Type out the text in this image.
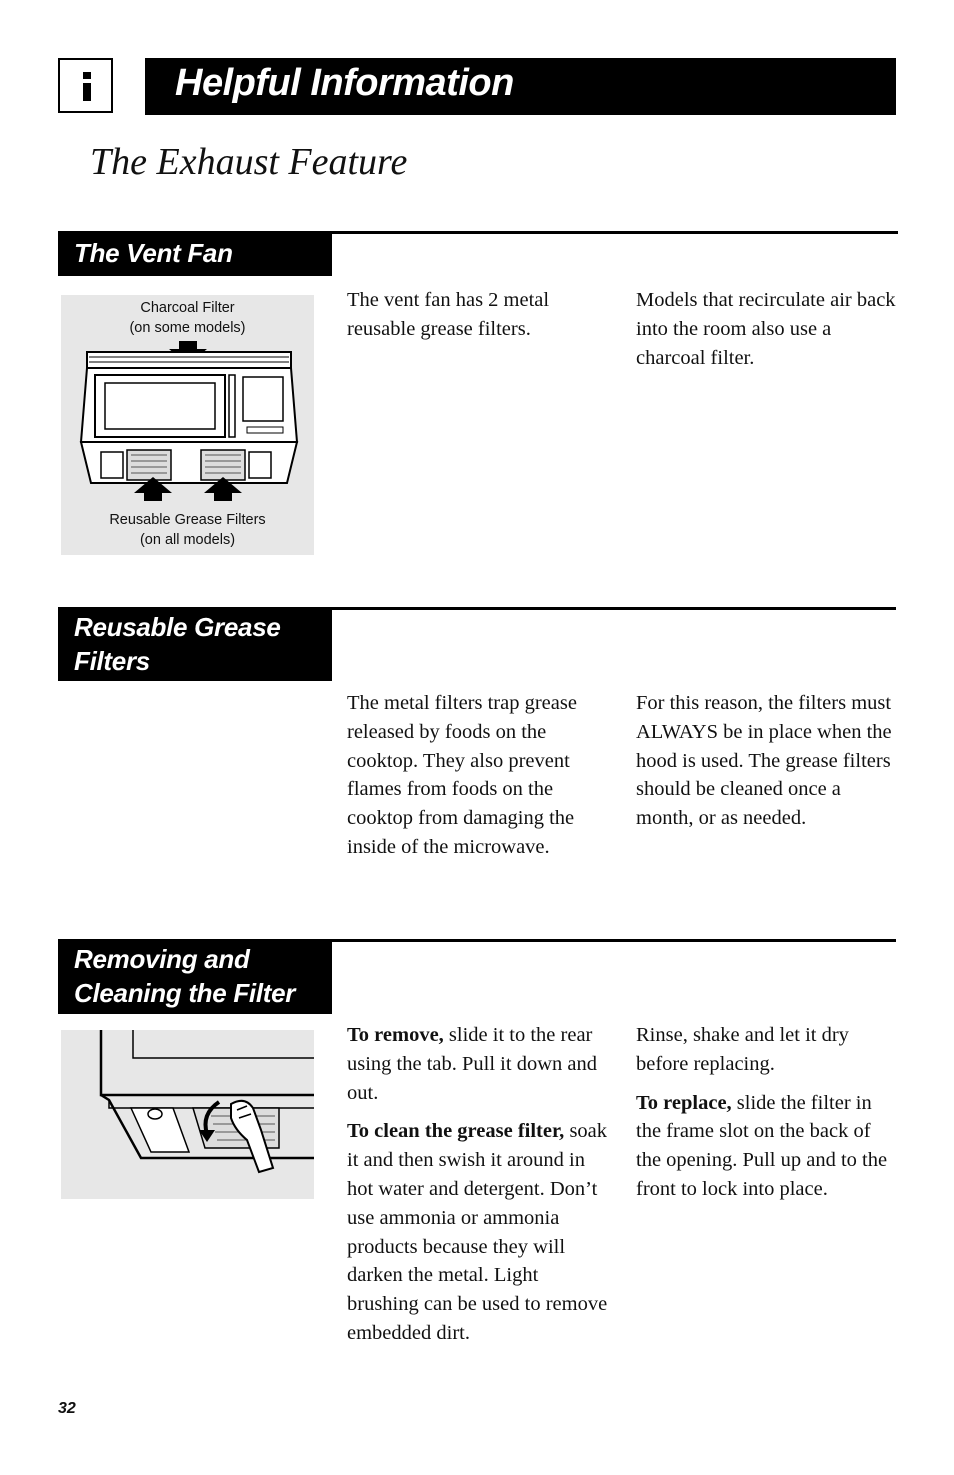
Helpful Information
The Exhaust Feature
The Vent Fan
Charcoal Filter
(on some models)
Reusable Grease Filters
(on all models)

The vent fan has 2 metal reusable grease filters.

Models that recirculate air back into the room also use a charcoal filter.

Reusable Grease
Filters

The metal filters trap grease released by foods on the cooktop. They also prevent flames from foods on the cooktop from damaging the inside of the microwave.

For this reason, the filters must ALWAYS be in place when the hood is used. The grease filters should be cleaned once a month, or as needed.

Removing and
Cleaning the Filter

To remove, slide it to the rear using the tab. Pull it down and out.

To clean the grease filter, soak it and then swish it around in hot water and detergent. Don’t use ammonia or ammonia products because they will darken the metal. Light brushing can be used to remove embedded dirt.

Rinse, shake and let it dry before replacing.

To replace, slide the filter in the frame slot on the back of the opening. Pull up and to the front to lock into place.

32
